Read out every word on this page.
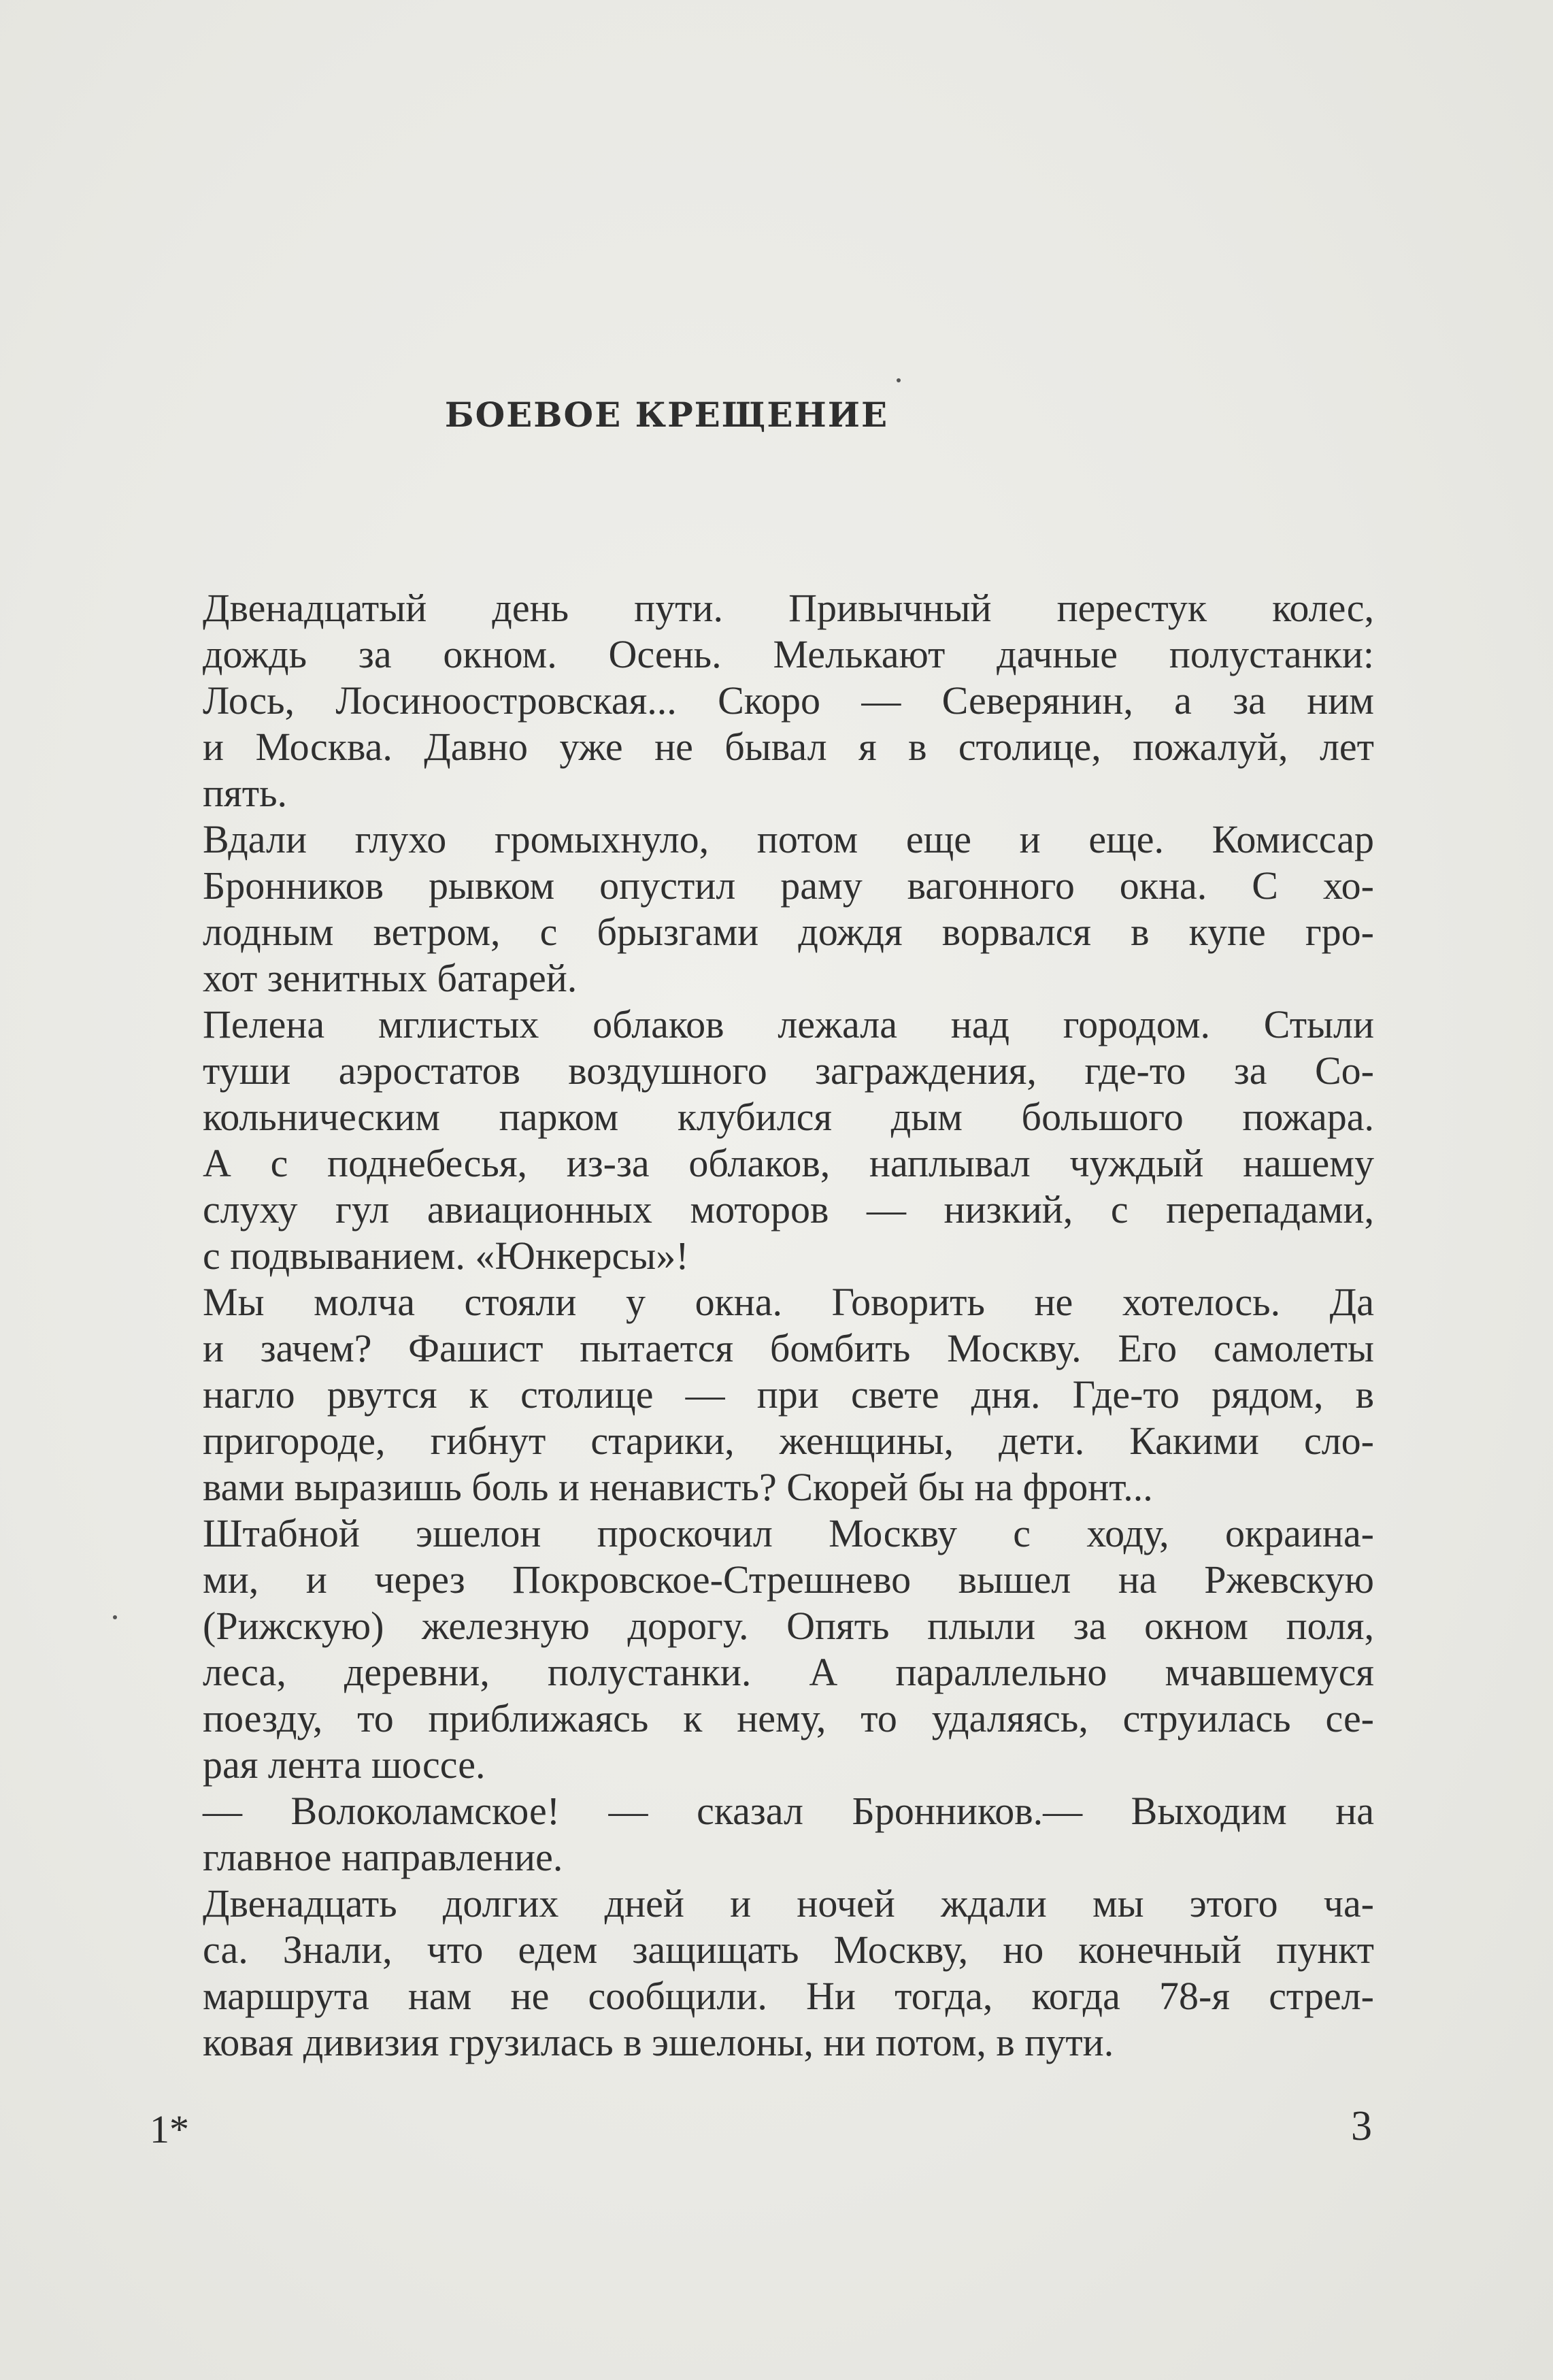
БОЕВОЕ КРЕЩЕНИЕ

Двенадцатый день пути. Привычный перестук колес,
дождь за окном. Осень. Мелькают дачные полустанки:
Лось, Лосиноостровская... Скоро — Северянин, а за ним
и Москва. Давно уже не бывал я в столице, пожалуй, лет
пять.

Вдали глухо громыхнуло, потом еще и еще. Комиссар
Бронников рывком опустил раму вагонного окна. С хо-
лодным ветром, с брызгами дождя ворвался в купе гро-
хот зенитных батарей.

Пелена мглистых облаков лежала над городом. Стыли
туши аэростатов воздушного заграждения, где-то за Со-
кольническим парком клубился дым большого пожара.
А с поднебесья, из-за облаков, наплывал чуждый нашему
слуху гул авиационных моторов — низкий, с перепадами,
с подвыванием. «Юнкерсы»!

Мы молча стояли у окна. Говорить не хотелось. Да
и зачем? Фашист пытается бомбить Москву. Его самолеты
нагло рвутся к столице — при свете дня. Где-то рядом, в
пригороде, гибнут старики, женщины, дети. Какими сло-
вами выразишь боль и ненависть? Скорей бы на фронт...

Штабной эшелон проскочил Москву с ходу, окраина-
ми, и через Покровское-Стрешнево вышел на Ржевскую
(Рижскую) железную дорогу. Опять плыли за окном поля,
леса, деревни, полустанки. А параллельно мчавшемуся
поезду, то приближаясь к нему, то удаляясь, струилась се-
рая лента шоссе.

— Волоколамское! — сказал Бронников.— Выходим на
главное направление.

Двенадцать долгих дней и ночей ждали мы этого ча-
са. Знали, что едем защищать Москву, но конечный пункт
маршрута нам не сообщили. Ни тогда, когда 78-я стрел-
ковая дивизия грузилась в эшелоны, ни потом, в пути.

1*	3
